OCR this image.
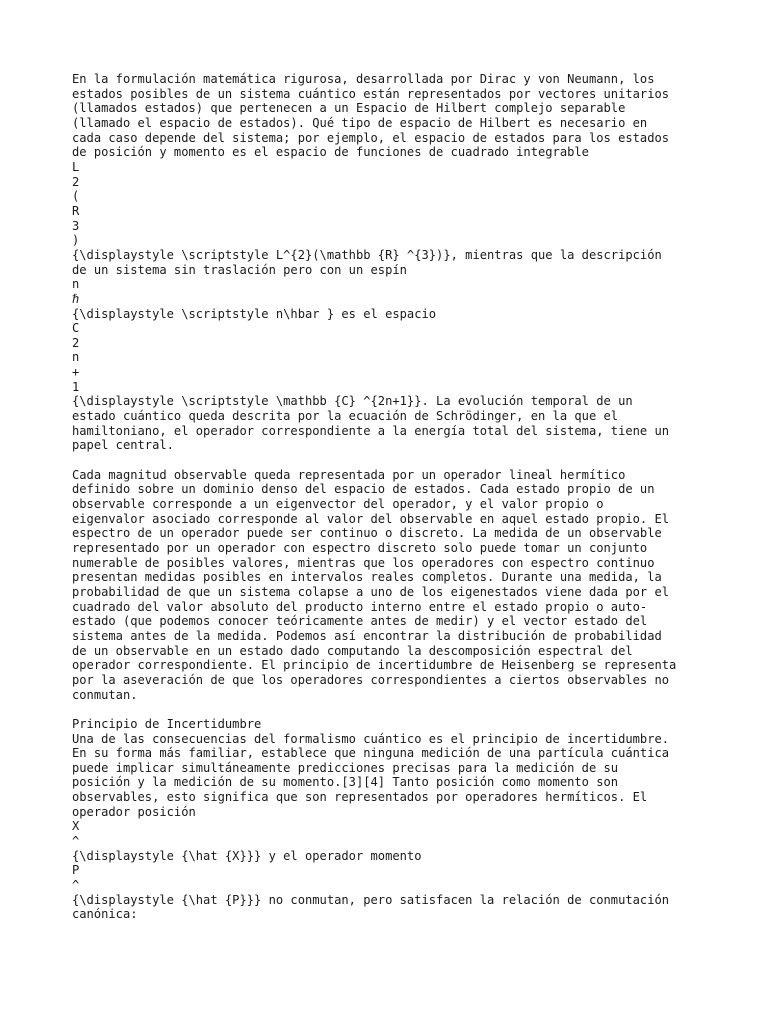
En la formulación matemática rigurosa, desarrollada por Dirac y von Neumann, los
estados posibles de un sistema cuántico están representados por vectores unitarios
(llamados estados) que pertenecen a un Espacio de Hilbert complejo separable
(llamado el espacio de estados). Qué tipo de espacio de Hilbert es necesario en
cada caso depende del sistema; por ejemplo, el espacio de estados para los estados
de posición y momento es el espacio de funciones de cuadrado integrable
L
2
(
R
3
)
{\displaystyle \scriptstyle L^{2}(\mathbb {R} ^{3})}, mientras que la descripción
de un sistema sin traslación pero con un espín
n
ℏ
{\displaystyle \scriptstyle n\hbar } es el espacio
C
2
n
+
1
{\displaystyle \scriptstyle \mathbb {C} ^{2n+1}}. La evolución temporal de un
estado cuántico queda descrita por la ecuación de Schrödinger, en la que el
hamiltoniano, el operador correspondiente a la energía total del sistema, tiene un
papel central.
Cada magnitud observable queda representada por un operador lineal hermítico
definido sobre un dominio denso del espacio de estados. Cada estado propio de un
observable corresponde a un eigenvector del operador, y el valor propio o
eigenvalor asociado corresponde al valor del observable en aquel estado propio. El
espectro de un operador puede ser continuo o discreto. La medida de un observable
representado por un operador con espectro discreto solo puede tomar un conjunto
numerable de posibles valores, mientras que los operadores con espectro continuo
presentan medidas posibles en intervalos reales completos. Durante una medida, la
probabilidad de que un sistema colapse a uno de los eigenestados viene dada por el
cuadrado del valor absoluto del producto interno entre el estado propio o auto-
estado (que podemos conocer teóricamente antes de medir) y el vector estado del
sistema antes de la medida. Podemos así encontrar la distribución de probabilidad
de un observable en un estado dado computando la descomposición espectral del
operador correspondiente. El principio de incertidumbre de Heisenberg se representa
por la aseveración de que los operadores correspondientes a ciertos observables no
conmutan.
Principio de Incertidumbre
Una de las consecuencias del formalismo cuántico es el principio de incertidumbre.
En su forma más familiar, establece que ninguna medición de una partícula cuántica
puede implicar simultáneamente predicciones precisas para la medición de su
posición y la medición de su momento.[3][4] Tanto posición como momento son
observables, esto significa que son representados por operadores hermíticos. El
operador posición
X
^
{\displaystyle {\hat {X}}} y el operador momento
P
^
{\displaystyle {\hat {P}}} no conmutan, pero satisfacen la relación de conmutación
canónica:
